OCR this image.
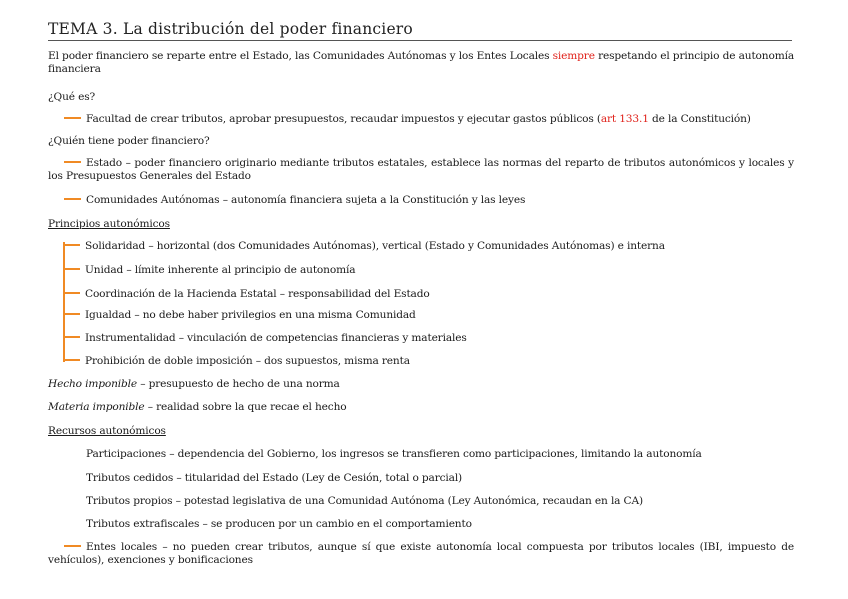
TEMA 3. La distribución del poder financiero
El poder financiero se reparte entre el Estado, las Comunidades Autónomas y los Entes Locales siempre respetando el principio de autonomía financiera
¿Qué es?
Facultad de crear tributos, aprobar presupuestos, recaudar impuestos y ejecutar gastos públicos (art 133.1 de la Constitución)
¿Quién tiene poder financiero?
Estado – poder financiero originario mediante tributos estatales, establece las normas del reparto de tributos autonómicos y locales y los Presupuestos Generales del Estado
Comunidades Autónomas – autonomía financiera sujeta a la Constitución y las leyes
Principios autonómicos
Solidaridad – horizontal (dos Comunidades Autónomas), vertical (Estado y Comunidades Autónomas) e interna
Unidad – límite inherente al principio de autonomía
Coordinación de la Hacienda Estatal – responsabilidad del Estado
Igualdad – no debe haber privilegios en una misma Comunidad
Instrumentalidad – vinculación de competencias financieras y materiales
Prohibición de doble imposición – dos supuestos, misma renta
Hecho imponible – presupuesto de hecho de una norma
Materia imponible – realidad sobre la que recae el hecho
Recursos autonómicos
Participaciones – dependencia del Gobierno, los ingresos se transfieren como participaciones, limitando la autonomía
Tributos cedidos – titularidad del Estado (Ley de Cesión, total o parcial)
Tributos propios – potestad legislativa de una Comunidad Autónoma (Ley Autonómica, recaudan en la CA)
Tributos extrafiscales – se producen por un cambio en el comportamiento
Entes locales – no pueden crear tributos, aunque sí que existe autonomía local compuesta por tributos locales (IBI, impuesto de vehículos), exenciones y bonificaciones
